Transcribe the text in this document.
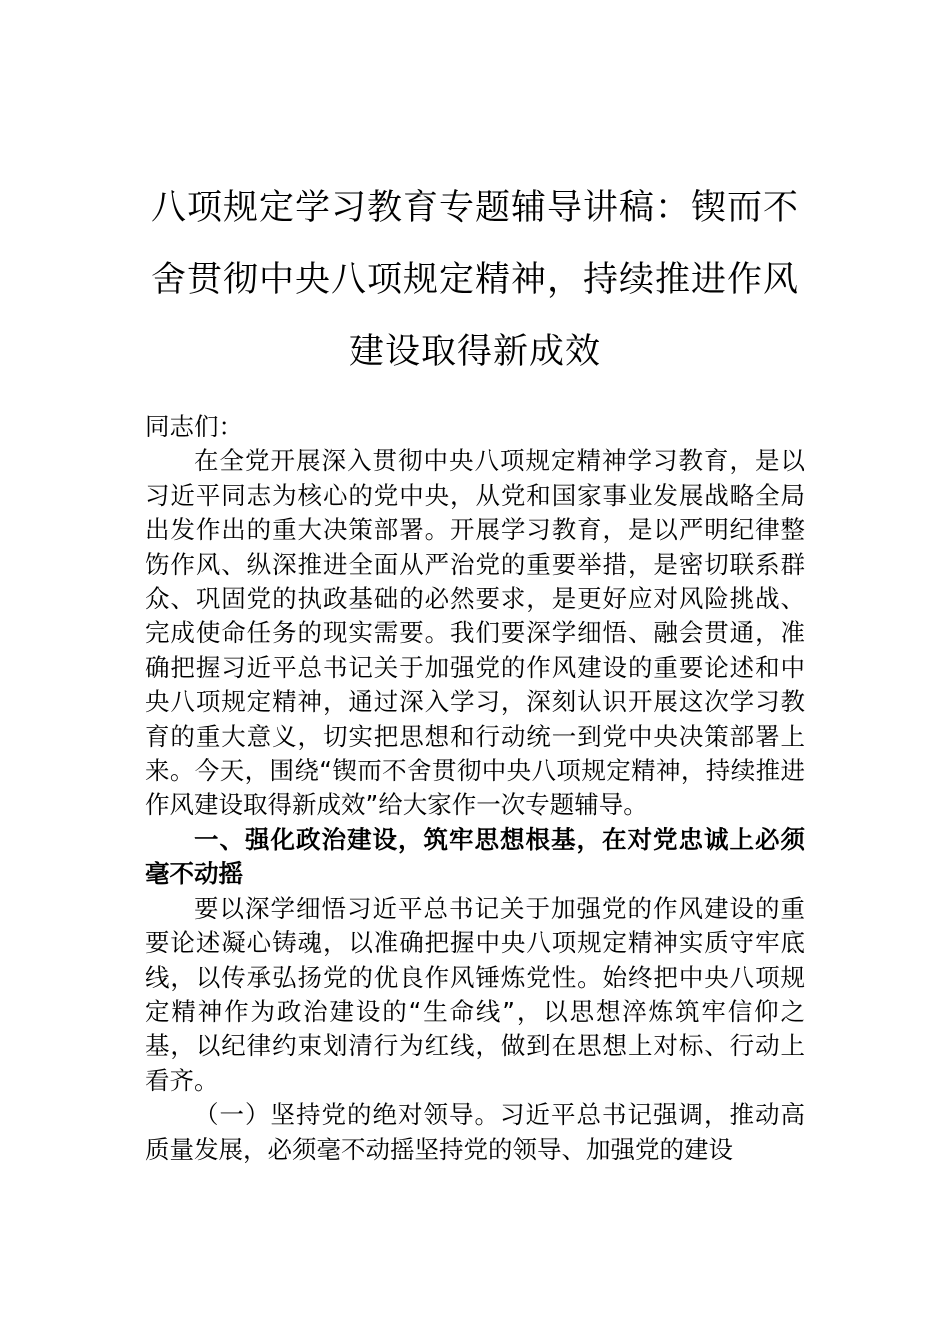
八项规定学习教育专题辅导讲稿：锲而不
舍贯彻中央八项规定精神，持续推进作风
建设取得新成效

同志们：

在全党开展深入贯彻中央八项规定精神学习教育，是以习近平同志为核心的党中央，从党和国家事业发展战略全局出发作出的重大决策部署。开展学习教育，是以严明纪律整饬作风、纵深推进全面从严治党的重要举措，是密切联系群众、巩固党的执政基础的必然要求，是更好应对风险挑战、完成使命任务的现实需要。我们要深学细悟、融会贯通，准确把握习近平总书记关于加强党的作风建设的重要论述和中央八项规定精神，通过深入学习，深刻认识开展这次学习教育的重大意义，切实把思想和行动统一到党中央决策部署上来。今天，围绕“锲而不舍贯彻中央八项规定精神，持续推进作风建设取得新成效”给大家作一次专题辅导。

一、强化政治建设，筑牢思想根基，在对党忠诚上必须毫不动摇

要以深学细悟习近平总书记关于加强党的作风建设的重要论述凝心铸魂，以准确把握中央八项规定精神实质守牢底线，以传承弘扬党的优良作风锤炼党性。始终把中央八项规定精神作为政治建设的“生命线”，以思想淬炼筑牢信仰之基，以纪律约束划清行为红线，做到在思想上对标、行动上看齐。

（一）坚持党的绝对领导。习近平总书记强调，推动高质量发展，必须毫不动摇坚持党的领导、加强党的建设
